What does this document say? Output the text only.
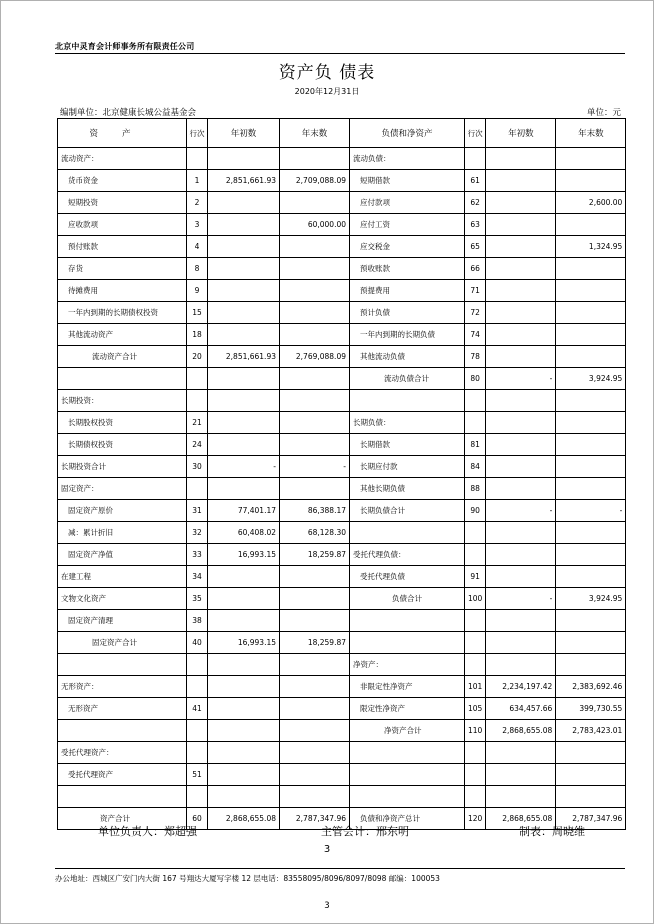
北京中灵育会计师事务所有限责任公司
资产负 债表
2020年12月31日
编制单位：北京健康长城公益基金会	单位：元
资产	行次	年初数	年末数	负债和净资产	行次	年初数	年末数
流动资产：				流动负债：			
货币资金	1	2,851,661.93	2,709,088.09	短期借款	61		
短期投资	2			应付款项	62		2,600.00
应收款项	3		60,000.00	应付工资	63		
预付账款	4			应交税金	65		1,324.95
存货	8			预收账款	66		
待摊费用	9			预提费用	71		
一年内到期的长期债权投资	15			预计负债	72		
其他流动资产	18			一年内到期的长期负债	74		
流动资产合计	20	2,851,661.93	2,769,088.09	其他流动负债	78		
				流动负债合计	80	-	3,924.95
长期投资：							
长期股权投资	21			长期负债：			
长期债权投资	24			长期借款	81		
长期投资合计	30	-	-	长期应付款	84		
固定资产：				其他长期负债	88		
固定资产原价	31	77,401.17	86,388.17	长期负债合计	90	-	-
减：累计折旧	32	60,408.02	68,128.30				
固定资产净值	33	16,993.15	18,259.87	受托代理负债：			
在建工程	34			受托代理负债	91		
文物文化资产	35			负债合计	100	-	3,924.95
固定资产清理	38						
固定资产合计	40	16,993.15	18,259.87				
				净资产：			
无形资产：				非限定性净资产	101	2,234,197.42	2,383,692.46
无形资产	41			限定性净资产	105	634,457.66	399,730.55
				净资产合计	110	2,868,655.08	2,783,423.01
受托代理资产：							
受托代理资产	51						

资产合计	60	2,868,655.08	2,787,347.96	负债和净资产总计	120	2,868,655.08	2,787,347.96
单位负责人：郑超强	主管会计：邢东明	制表：周晓维
3
办公地址：西城区广安门内大街 167 号翔达大厦写字楼 12 层电话：83558095/8096/8097/8098 邮编：100053
3
